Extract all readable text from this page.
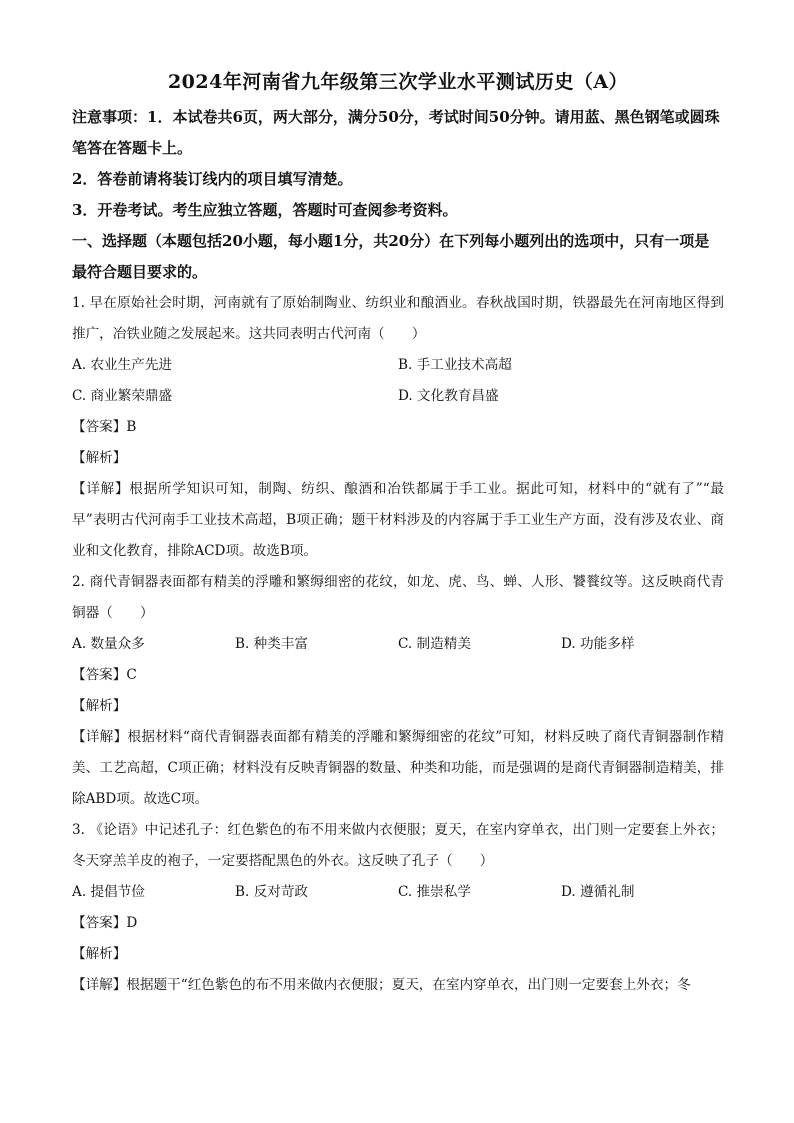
2024年河南省九年级第三次学业水平测试历史（A）

注意事项：1．本试卷共6页，两大部分，满分50分，考试时间50分钟。请用蓝、黑色钢笔或圆珠笔答在答题卡上。

2．答卷前请将装订线内的项目填写清楚。

3．开卷考试。考生应独立答题，答题时可查阅参考资料。

一、选择题（本题包括20小题，每小题1分，共20分）在下列每小题列出的选项中，只有一项是最符合题目要求的。

1. 早在原始社会时期，河南就有了原始制陶业、纺织业和酿酒业。春秋战国时期，铁器最先在河南地区得到推广，冶铁业随之发展起来。这共同表明古代河南（　　）

A. 农业生产先进	B. 手工业技术高超
C. 商业繁荣鼎盛	D. 文化教育昌盛

【答案】B

【解析】

【详解】根据所学知识可知，制陶、纺织、酿酒和冶铁都属于手工业。据此可知，材料中的“就有了”“最早”表明古代河南手工业技术高超，B项正确；题干材料涉及的内容属于手工业生产方面，没有涉及农业、商业和文化教育，排除ACD项。故选B项。

2. 商代青铜器表面都有精美的浮雕和繁缛细密的花纹，如龙、虎、鸟、蝉、人形、饕餮纹等。这反映商代青铜器（　　）

A. 数量众多	B. 种类丰富	C. 制造精美	D. 功能多样

【答案】C

【解析】

【详解】根据材料“商代青铜器表面都有精美的浮雕和繁缛细密的花纹”可知，材料反映了商代青铜器制作精美、工艺高超，C项正确；材料没有反映青铜器的数量、种类和功能，而是强调的是商代青铜器制造精美，排除ABD项。故选C项。

3. 《论语》中记述孔子：红色紫色的布不用来做内衣便服；夏天，在室内穿单衣，出门则一定要套上外衣；冬天穿羔羊皮的袍子，一定要搭配黑色的外衣。这反映了孔子（　　）

A. 提倡节俭	B. 反对苛政	C. 推崇私学	D. 遵循礼制

【答案】D

【解析】

【详解】根据题干“红色紫色的布不用来做内衣便服；夏天，在室内穿单衣，出门则一定要套上外衣；冬
